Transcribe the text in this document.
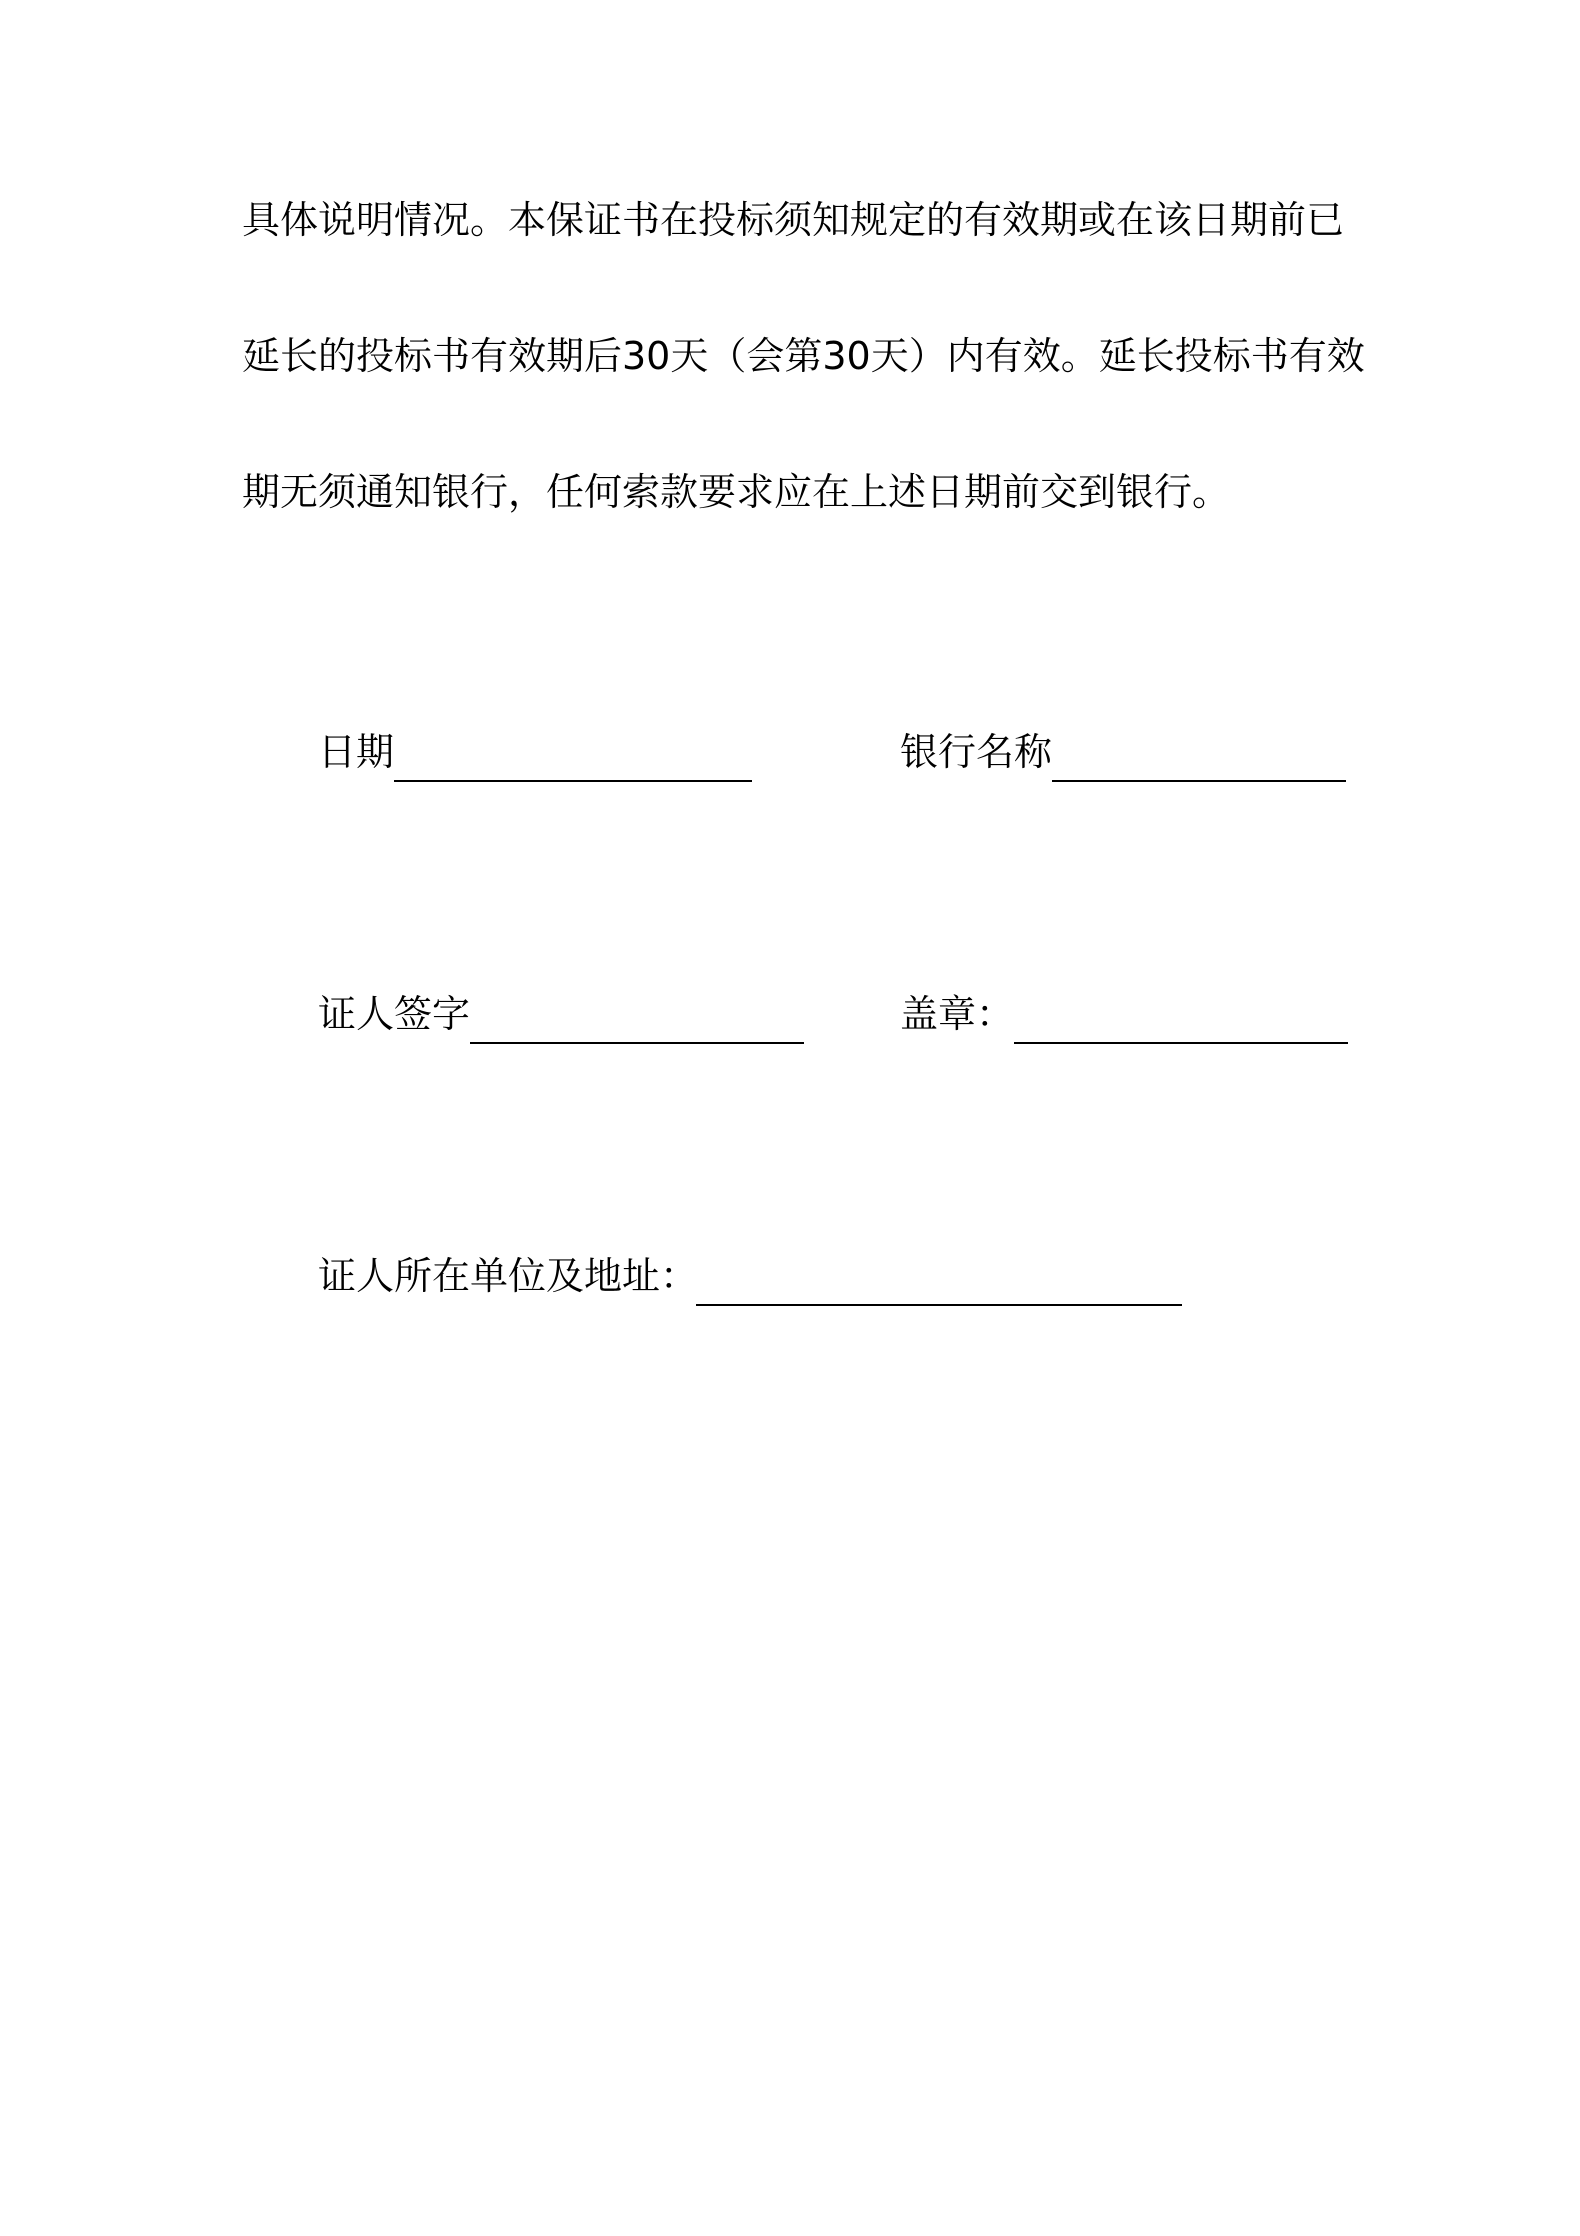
具体说明情况。本保证书在投标须知规定的有效期或在该日期前已
延长的投标书有效期后30天（会第30天）内有效。延长投标书有效
期无须通知银行，任何索款要求应在上述日期前交到银行。
日期	银行名称
证人签字	盖章：
证人所在单位及地址：
